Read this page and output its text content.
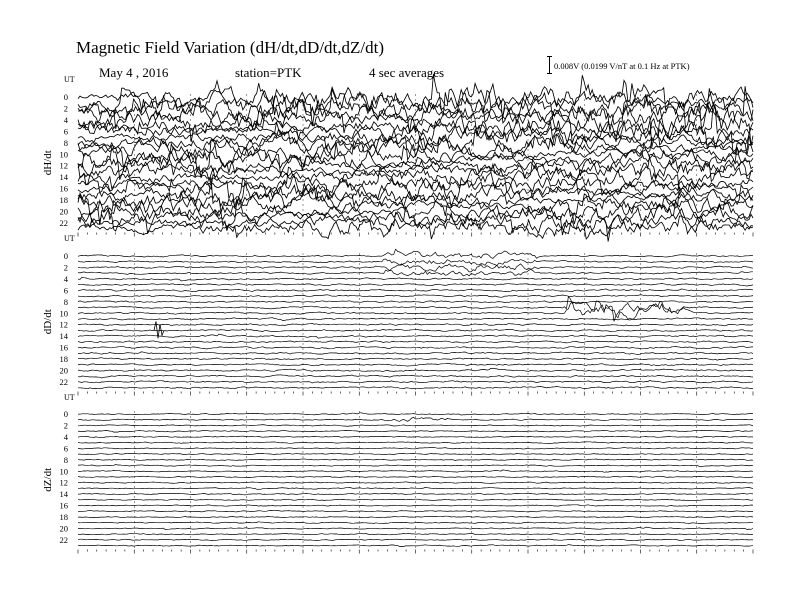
Magnetic Field Variation (dH/dt,dD/dt,dZ/dt)
May 4 , 2016	station=PTK	4 sec averages	0.008V (0.0199 V/nT at 0.1 Hz at PTK)
UT
dH/dt
0
2
4
6
8
10
12
14
16
18
20
22
UT
dD/dt
0
2
4
6
8
10
12
14
16
18
20
22
UT
dZ/dt
0
2
4
6
8
10
12
14
16
18
20
22
